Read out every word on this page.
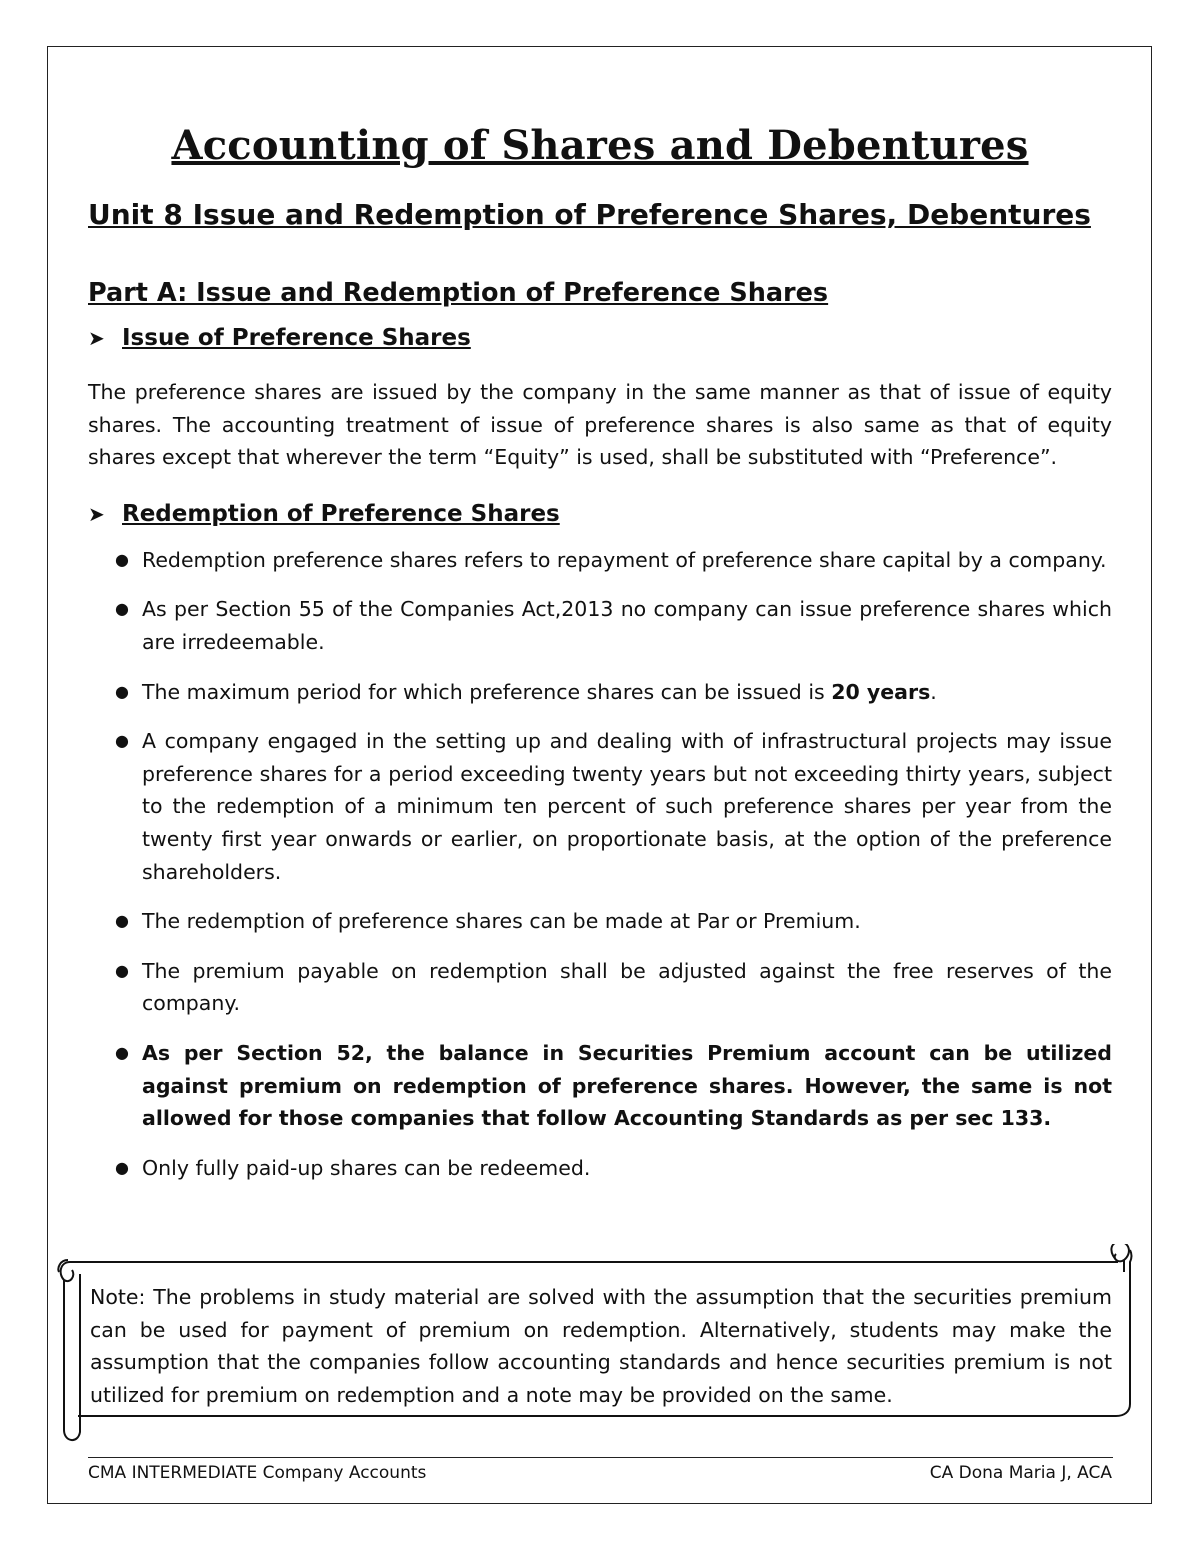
Accounting of Shares and Debentures
Unit 8 Issue and Redemption of Preference Shares, Debentures
Part A: Issue and Redemption of Preference Shares
➤ Issue of Preference Shares

The preference shares are issued by the company in the same manner as that of issue of equity shares. The accounting treatment of issue of preference shares is also same as that of equity shares except that wherever the term “Equity” is used, shall be substituted with “Preference”.

➤ Redemption of Preference Shares
● Redemption preference shares refers to repayment of preference share capital by a company.
● As per Section 55 of the Companies Act,2013 no company can issue preference shares which are irredeemable.
● The maximum period for which preference shares can be issued is 20 years.
● A company engaged in the setting up and dealing with of infrastructural projects may issue preference shares for a period exceeding twenty years but not exceeding thirty years, subject to the redemption of a minimum ten percent of such preference shares per year from the twenty first year onwards or earlier, on proportionate basis, at the option of the preference shareholders.
● The redemption of preference shares can be made at Par or Premium.
● The premium payable on redemption shall be adjusted against the free reserves of the company.
● As per Section 52, the balance in Securities Premium account can be utilized against premium on redemption of preference shares. However, the same is not allowed for those companies that follow Accounting Standards as per sec 133.
● Only fully paid-up shares can be redeemed.
Note: The problems in study material are solved with the assumption that the securities premium can be used for payment of premium on redemption. Alternatively, students may make the assumption that the companies follow accounting standards and hence securities premium is not utilized for premium on redemption and a note may be provided on the same.
CMA INTERMEDIATE Company Accounts	CA Dona Maria J, ACA
